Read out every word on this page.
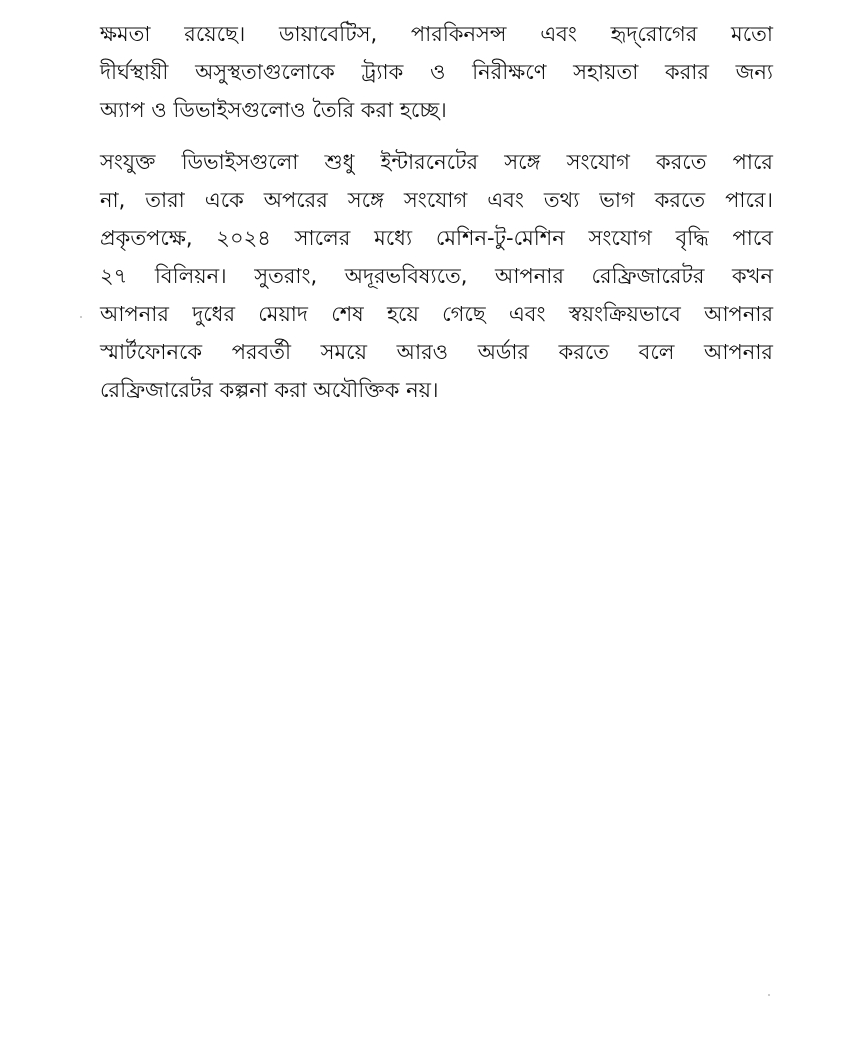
ক্ষমতা রয়েছে। ডায়াবেটিস, পারকিনসন্স এবং হৃদ্‌রোগের মতো
দীর্ঘস্থায়ী অসুস্থতাগুলোকে ট্র্যাক ও নিরীক্ষণে সহায়তা করার জন্য
অ্যাপ ও ডিভাইসগুলোও তৈরি করা হচ্ছে।
সংযুক্ত ডিভাইসগুলো শুধু ইন্টারনেটের সঙ্গে সংযোগ করতে পারে
না, তারা একে অপরের সঙ্গে সংযোগ এবং তথ্য ভাগ করতে পারে।
প্রকৃতপক্ষে, ২০২৪ সালের মধ্যে মেশিন-টু-মেশিন সংযোগ বৃদ্ধি পাবে
২৭ বিলিয়ন। সুতরাং, অদূরভবিষ্যতে, আপনার রেফ্রিজারেটর কখন
আপনার দুধের মেয়াদ শেষ হয়ে গেছে এবং স্বয়ংক্রিয়ভাবে আপনার
স্মার্টফোনকে পরবর্তী সময়ে আরও অর্ডার করতে বলে আপনার
রেফ্রিজারেটর কল্পনা করা অযৌক্তিক নয়।
